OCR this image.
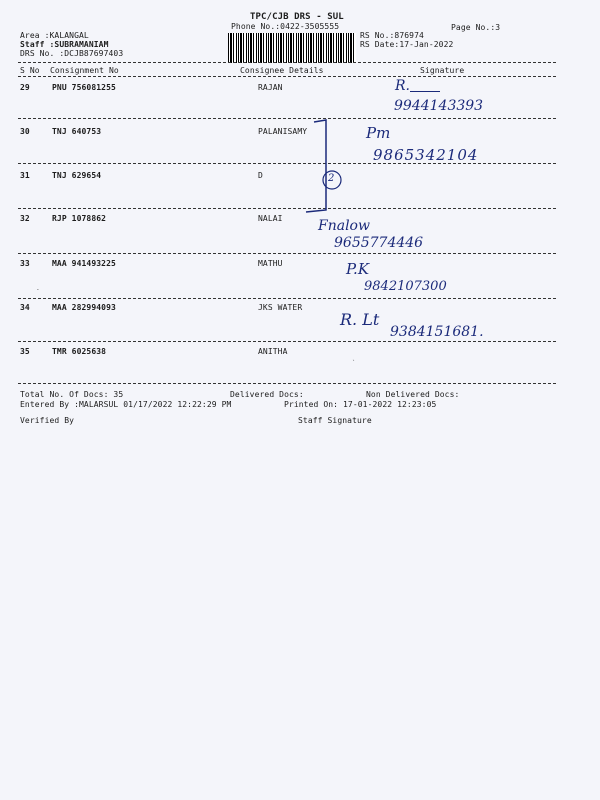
TPC/CJB DRS - SUL
Phone No.:0422-3505555	Page No.:3
Area :KALANGAL
Staff :SUBRAMANIAM
DRS No. :DCJB87697403
RS No.:876974
RS Date:17-Jan-2022
S No Consignment No	Consignee Details	Signature
29	PNU 756081255	RAJAN	R.
9944143393
30	TNJ 640753	PALANISAMY	Pm
9865342104
31	TNJ 629654	D	2
32	RJP 1078862	NALAI	Fnalow
9655774446
33	MAA 941493225	MATHU	P.K
9842107300
-
34	MAA 282994093	JKS WATER
R. Lt
9384151681.
35	TMR 6025638	ANITHA
`
Total No. Of Docs: 35	Delivered Docs:	Non Delivered Docs:
Entered By :MALARSUL 01/17/2022 12:22:29 PM	Printed On: 17-01-2022 12:23:05
Verified By	Staff Signature
